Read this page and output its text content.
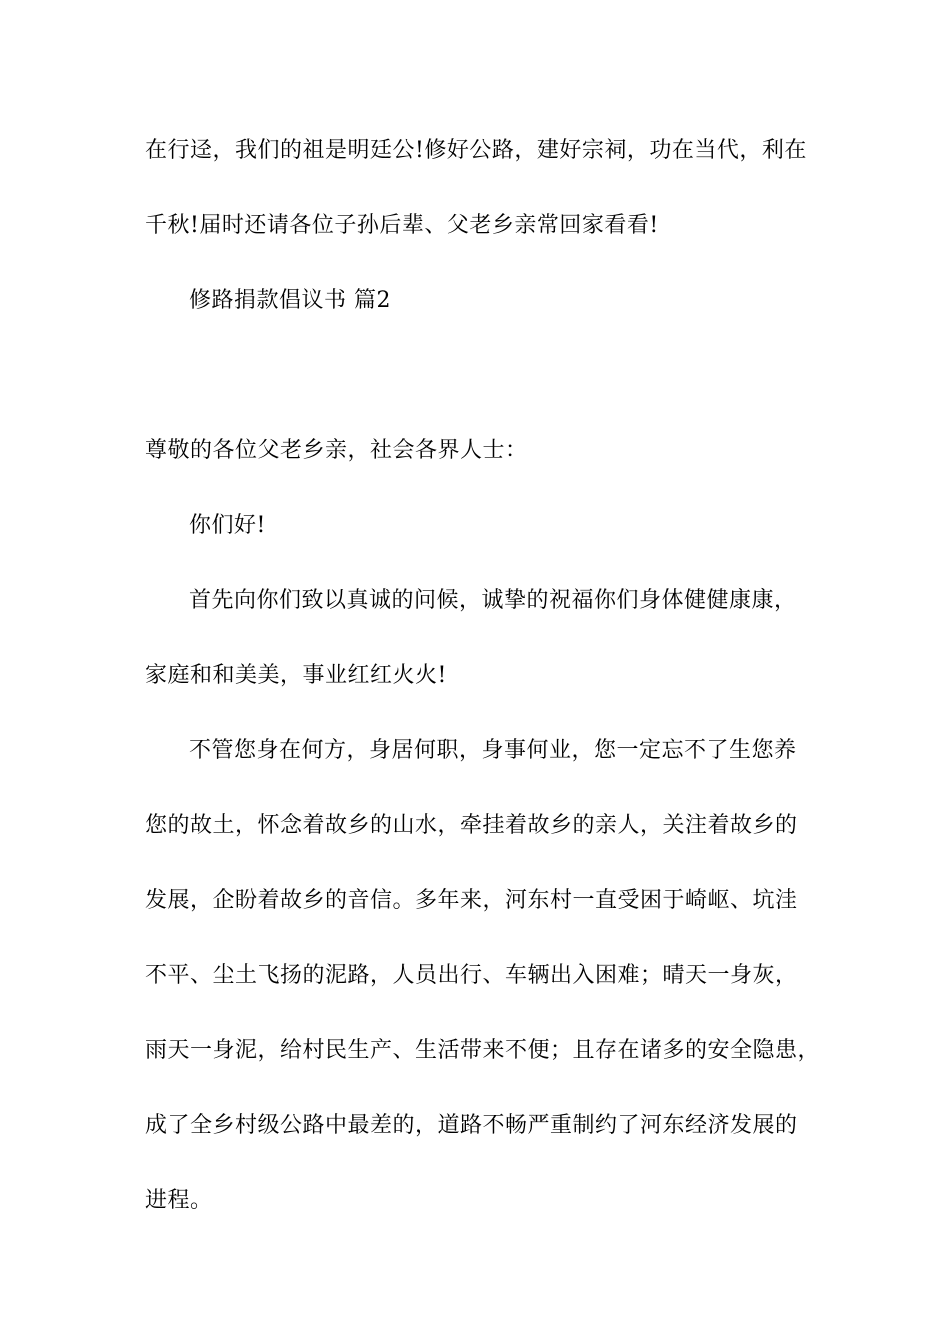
在行迳，我们的祖是明廷公!修好公路，建好宗祠，功在当代，利在
千秋!届时还请各位子孙后辈、父老乡亲常回家看看!
修路捐款倡议书 篇2
尊敬的各位父老乡亲，社会各界人士：
你们好!
首先向你们致以真诚的问候，诚挚的祝福你们身体健健康康，
家庭和和美美，事业红红火火!
不管您身在何方，身居何职，身事何业，您一定忘不了生您养
您的故土，怀念着故乡的山水，牵挂着故乡的亲人，关注着故乡的
发展，企盼着故乡的音信。多年来，河东村一直受困于崎岖、坑洼
不平、尘土飞扬的泥路，人员出行、车辆出入困难；晴天一身灰，
雨天一身泥，给村民生产、生活带来不便；且存在诸多的安全隐患，
成了全乡村级公路中最差的，道路不畅严重制约了河东经济发展的
进程。
